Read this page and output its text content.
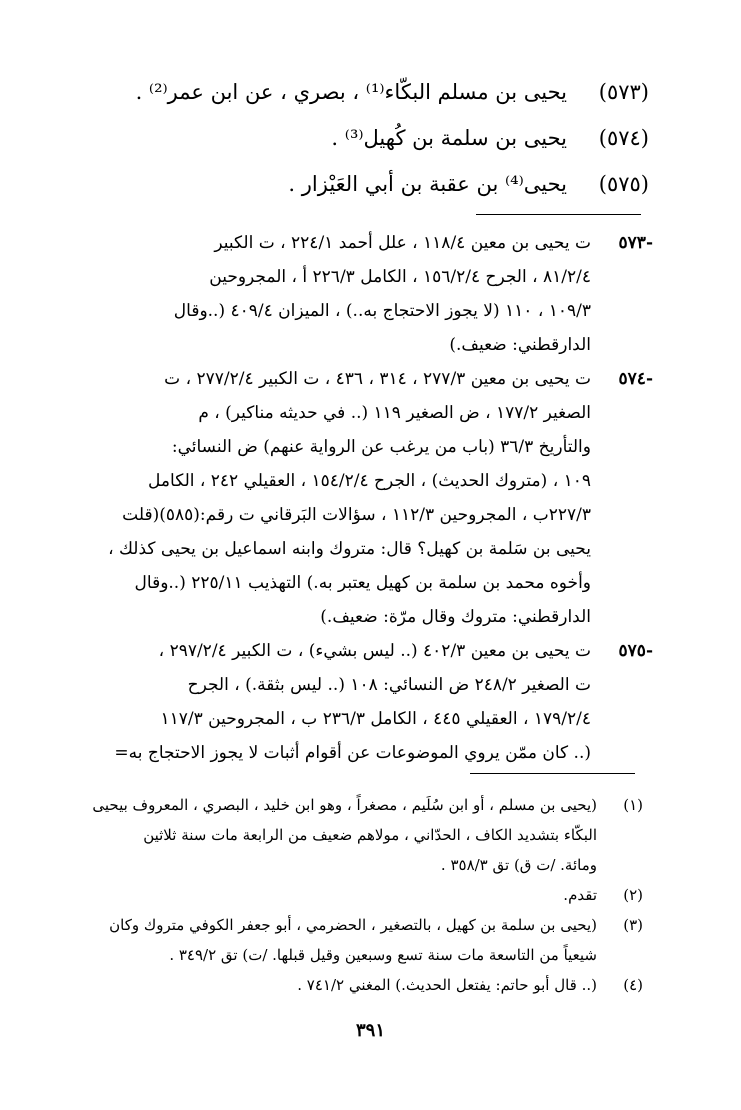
(٥٧٣)
يحيى بن مسلم البكّاء⁽¹⁾ ، بصري ، عن ابن عمر⁽²⁾ .
(٥٧٤)
يحيى بن سلمة بن كُهيل⁽³⁾ .
(٥٧٥)
يحيى⁽⁴⁾ بن عقبة بن أبي العَيْزار .
-٥٧٣

ت يحيى بن معين ١١٨/٤ ، علل أحمد ٢٢٤/١ ، ت الكبير

٨١/٢/٤ ، الجرح ١٥٦/٢/٤ ، الكامل ٢٢٦/٣ أ ، المجروحين

١٠٩/٣ ، ١١٠ (لا يجوز الاحتجاج به..) ، الميزان ٤٠٩/٤ (..وقال

الدارقطني: ضعيف.)

-٥٧٤

ت يحيى بن معين ٢٧٧/٣ ، ٣١٤ ، ٤٣٦ ، ت الكبير ٢٧٧/٢/٤ ، ت

الصغير ١٧٧/٢ ، ض الصغير ١١٩ (.. في حديثه مناكير) ، م

والتأريخ ٣٦/٣ (باب من يرغب عن الرواية عنهم) ض النسائي:

١٠٩ ، (متروك الحديث) ، الجرح ١٥٤/٢/٤ ، العقيلي ٢٤٢ ، الكامل

٢٢٧/٣ب ، المجروحين ١١٢/٣ ، سؤالات البَرقاني ت رقم:(٥٨٥)(قلت

يحيى بن سَلمة بن كهيل؟ قال: متروك وابنه اسماعيل بن يحيى كذلك ،

وأخوه محمد بن سلمة بن كهيل يعتبر به.) التهذيب ٢٢٥/١١ (..وقال

الدارقطني: متروك وقال مرّة: ضعيف.)

-٥٧٥

ت يحيى بن معين ٤٠٢/٣ (.. ليس بشيء) ، ت الكبير ٢٩٧/٢/٤ ،

ت الصغير ٢٤٨/٢ ض النسائي: ١٠٨ (.. ليس بثقة.) ، الجرح

١٧٩/٢/٤ ، العقيلي ٤٤٥ ، الكامل ٢٣٦/٣ ب ، المجروحين ١١٧/٣

(.. كان ممّن يروي الموضوعات عن أقوام أثبات لا يجوز الاحتجاج به=

(١)

(يحيى بن مسلم ، أو ابن سُلَيم ، مصغراً ، وهو ابن خليد ، البصري ، المعروف بيحيى

البكّاء بتشديد الكاف ، الحدّاني ، مولاهم ضعيف من الرابعة مات سنة ثلاثين

ومائة. /ت ق) تق ٣٥٨/٣ .

(٢)

تقدم.

(٣)

(يحيى بن سلمة بن كهيل ، بالتصغير ، الحضرمي ، أبو جعفر الكوفي متروك وكان

شيعياً من التاسعة مات سنة تسع وسبعين وقيل قبلها. /ت) تق ٣٤٩/٢ .

(٤)

(.. قال أبو حاتم: يفتعل الحديث.) المغني ٧٤١/٢ .

٣٩١
